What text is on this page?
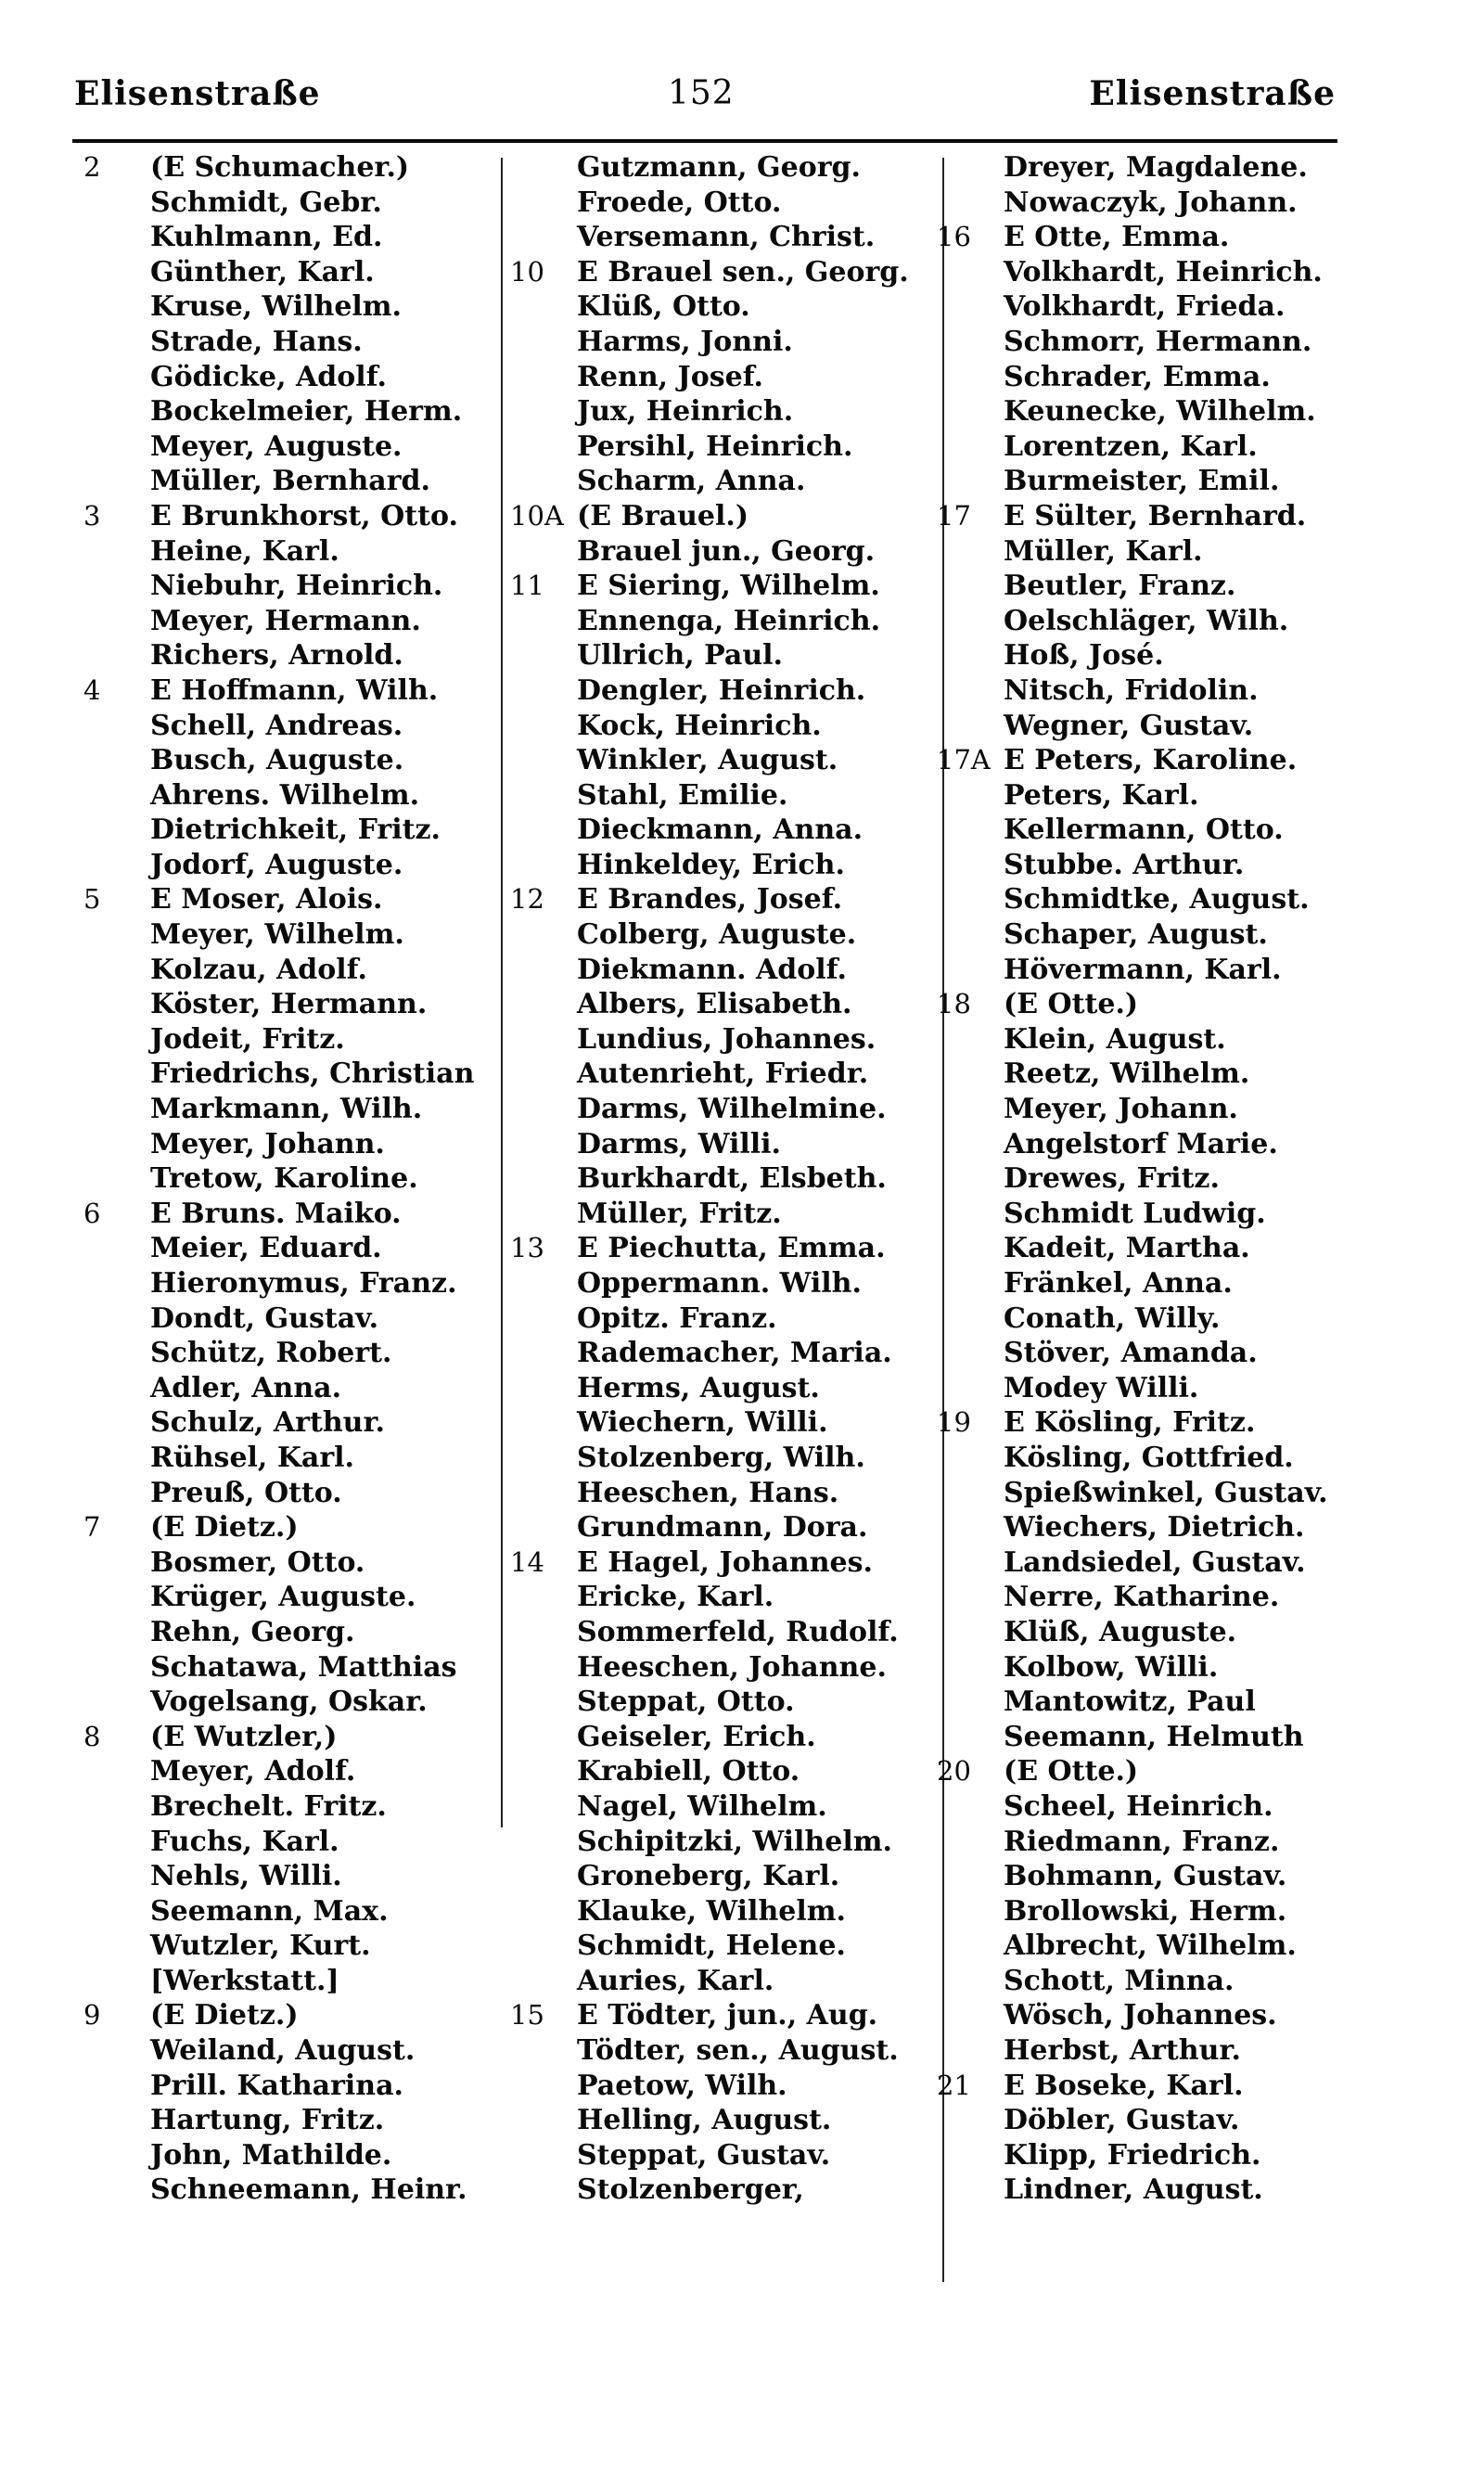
Elisenstraße	152	Elisenstraße
2	(E Schumacher.)
Schmidt, Gebr.
Kuhlmann, Ed.
Günther, Karl.
Kruse, Wilhelm.
Strade, Hans.
Gödicke, Adolf.
Bockelmeier, Herm.
Meyer, Auguste.
Müller, Bernhard.
3	E Brunkhorst, Otto.
Heine, Karl.
Niebuhr, Heinrich.
Meyer, Hermann.
Richers, Arnold.
4	E Hoffmann, Wilh.
Schell, Andreas.
Busch, Auguste.
Ahrens. Wilhelm.
Dietrichkeit, Fritz.
Jodorf, Auguste.
5	E Moser, Alois.
Meyer, Wilhelm.
Kolzau, Adolf.
Köster, Hermann.
Jodeit, Fritz.
Friedrichs, Christian
Markmann, Wilh.
Meyer, Johann.
Tretow, Karoline.
6	E Bruns. Maiko.
Meier, Eduard.
Hieronymus, Franz.
Dondt, Gustav.
Schütz, Robert.
Adler, Anna.
Schulz, Arthur.
Rühsel, Karl.
Preuß, Otto.
7	(E Dietz.)
Bosmer, Otto.
Krüger, Auguste.
Rehn, Georg.
Schatawa, Matthias
Vogelsang, Oskar.
8	(E Wutzler,)
Meyer, Adolf.
Brechelt. Fritz.
Fuchs, Karl.
Nehls, Willi.
Seemann, Max.
Wutzler, Kurt.
[Werkstatt.]
9	(E Dietz.)
Weiland, August.
Prill. Katharina.
Hartung, Fritz.
John, Mathilde.
Schneemann, Heinr.
Gutzmann, Georg.
Froede, Otto.
Versemann, Christ.
10	E Brauel sen., Georg.
Klüß, Otto.
Harms, Jonni.
Renn, Josef.
Jux, Heinrich.
Persihl, Heinrich.
Scharm, Anna.
10A (E Brauel.)
Brauel jun., Georg.
11	E Siering, Wilhelm.
Ennenga, Heinrich.
Ullrich, Paul.
Dengler, Heinrich.
Kock, Heinrich.
Winkler, August.
Stahl, Emilie.
Dieckmann, Anna.
Hinkeldey, Erich.
12	E Brandes, Josef.
Colberg, Auguste.
Diekmann. Adolf.
Albers, Elisabeth.
Lundius, Johannes.
Autenrieht, Friedr.
Darms, Wilhelmine.
Darms, Willi.
Burkhardt, Elsbeth.
Müller, Fritz.
13	E Piechutta, Emma.
Oppermann. Wilh.
Opitz. Franz.
Rademacher, Maria.
Herms, August.
Wiechern, Willi.
Stolzenberg, Wilh.
Heeschen, Hans.
Grundmann, Dora.
14	E Hagel, Johannes.
Ericke, Karl.
Sommerfeld, Rudolf.
Heeschen, Johanne.
Steppat, Otto.
Geiseler, Erich.
Krabiell, Otto.
Nagel, Wilhelm.
Schipitzki, Wilhelm.
Groneberg, Karl.
Klauke, Wilhelm.
Schmidt, Helene.
Auries, Karl.
15	E Tödter, jun., Aug.
Tödter, sen., August.
Paetow, Wilh.
Helling, August.
Steppat, Gustav.
Stolzenberger,
Dreyer, Magdalene.
Nowaczyk, Johann.
16	E Otte, Emma.
Volkhardt, Heinrich.
Volkhardt, Frieda.
Schmorr, Hermann.
Schrader, Emma.
Keunecke, Wilhelm.
Lorentzen, Karl.
Burmeister, Emil.
17	E Sülter, Bernhard.
Müller, Karl.
Beutler, Franz.
Oelschläger, Wilh.
Hoß, José.
Nitsch, Fridolin.
Wegner, Gustav.
17A E Peters, Karoline.
Peters, Karl.
Kellermann, Otto.
Stubbe. Arthur.
Schmidtke, August.
Schaper, August.
Hövermann, Karl.
18	(E Otte.)
Klein, August.
Reetz, Wilhelm.
Meyer, Johann.
Angelstorf Marie.
Drewes, Fritz.
Schmidt Ludwig.
Kadeit, Martha.
Fränkel, Anna.
Conath, Willy.
Stöver, Amanda.
Modey Willi.
19	E Kösling, Fritz.
Kösling, Gottfried.
Spießwinkel, Gustav.
Wiechers, Dietrich.
Landsiedel, Gustav.
Nerre, Katharine.
Klüß, Auguste.
Kolbow, Willi.
Mantowitz, Paul
Seemann, Helmuth
20	(E Otte.)
Scheel, Heinrich.
Riedmann, Franz.
Bohmann, Gustav.
Brollowski, Herm.
Albrecht, Wilhelm.
Schott, Minna.
Wösch, Johannes.
Herbst, Arthur.
21	E Boseke, Karl.
Döbler, Gustav.
Klipp, Friedrich.
Lindner, August.
